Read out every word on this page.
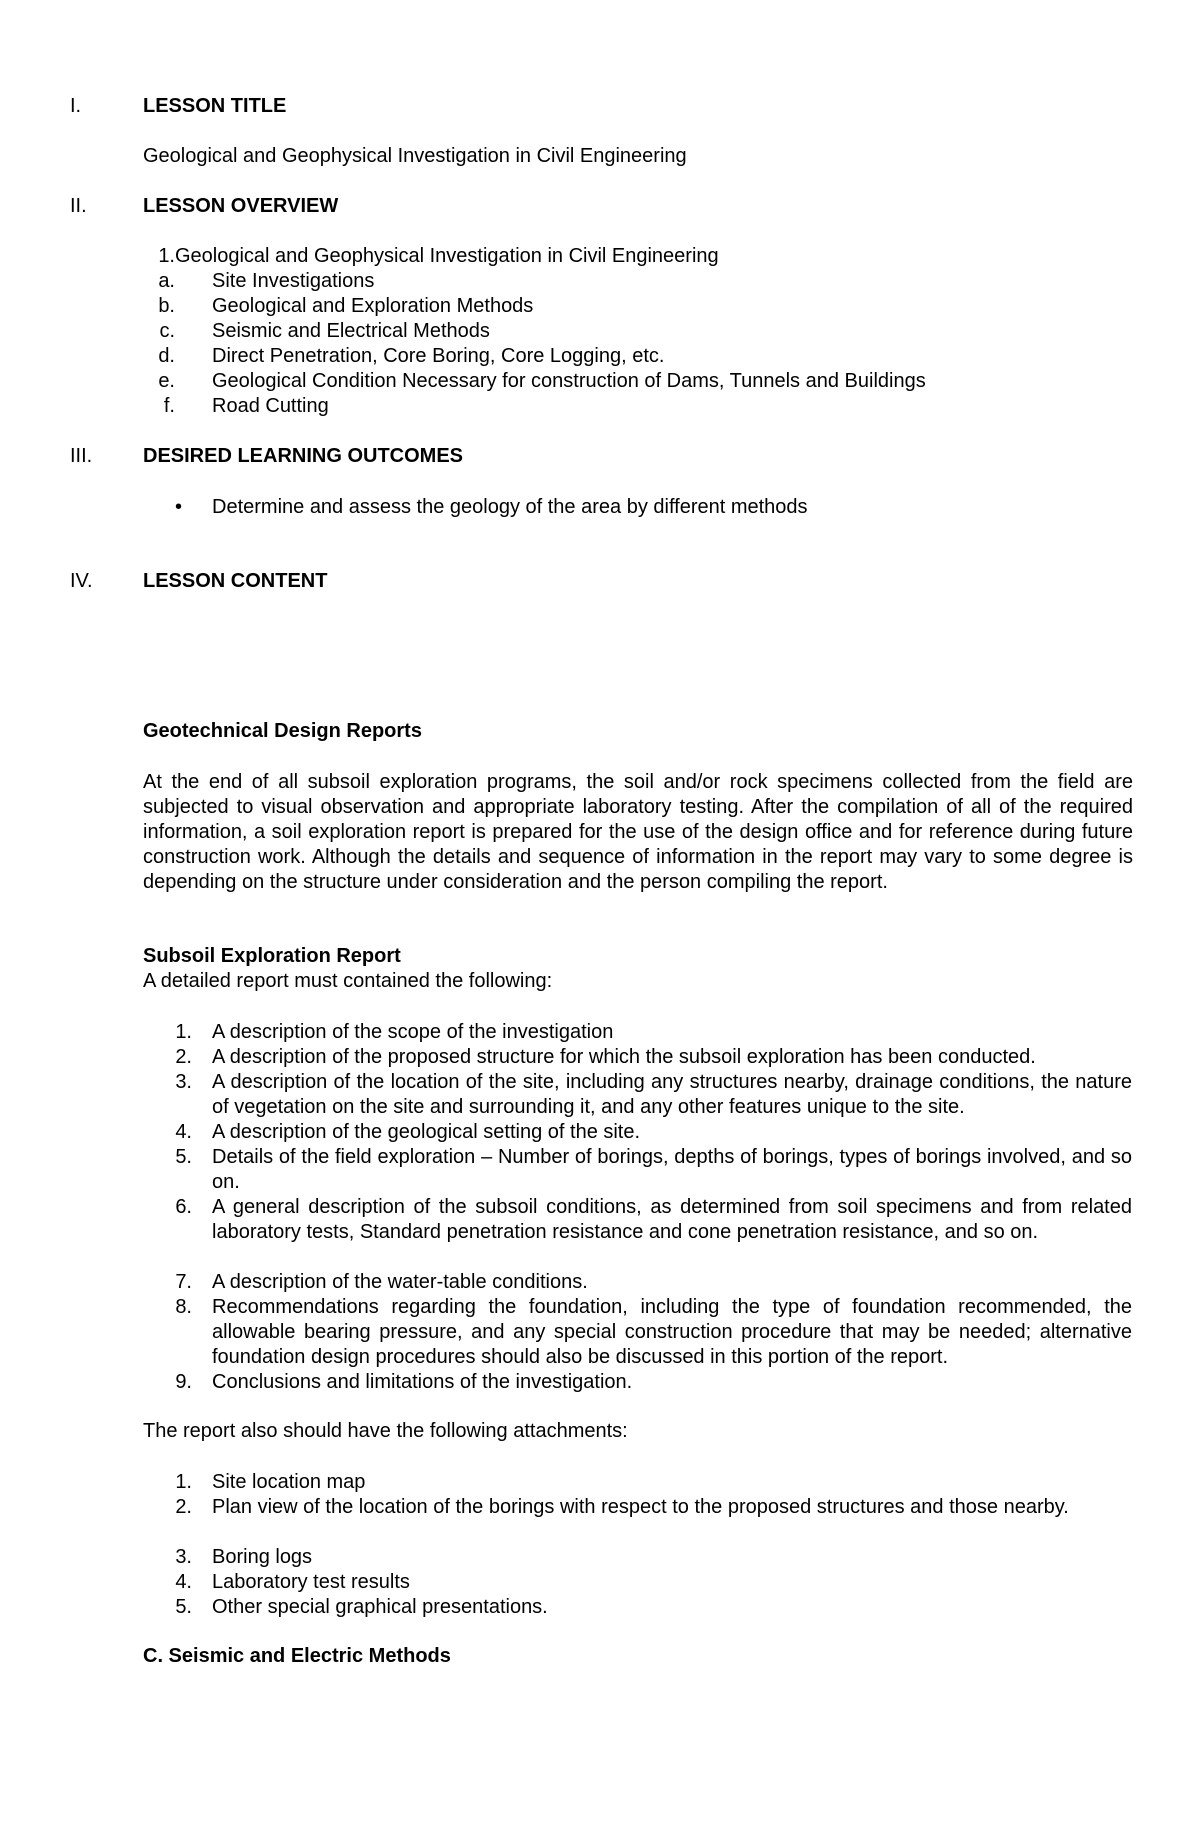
I.	LESSON TITLE
Geological and Geophysical Investigation in Civil Engineering
II.	LESSON OVERVIEW
1. Geological and Geophysical Investigation in Civil Engineering
a. Site Investigations
b. Geological and Exploration Methods
c. Seismic and Electrical Methods
d. Direct Penetration, Core Boring, Core Logging, etc.
e. Geological Condition Necessary for construction of Dams, Tunnels and Buildings
f. Road Cutting
III.	DESIRED LEARNING OUTCOMES
• Determine and assess the geology of the area by different methods
IV.	LESSON CONTENT
Geotechnical Design Reports
At the end of all subsoil exploration programs, the soil and/or rock specimens collected from the field are subjected to visual observation and appropriate laboratory testing. After the compilation of all of the required information, a soil exploration report is prepared for the use of the design office and for reference during future construction work. Although the details and sequence of information in the report may vary to some degree is depending on the structure under consideration and the person compiling the report.
Subsoil Exploration Report
A detailed report must contained the following:
1. A description of the scope of the investigation
2. A description of the proposed structure for which the subsoil exploration has been conducted.
3. A description of the location of the site, including any structures nearby, drainage conditions, the nature of vegetation on the site and surrounding it, and any other features unique to the site.
4. A description of the geological setting of the site.
5. Details of the field exploration – Number of borings, depths of borings, types of borings involved, and so on.
6. A general description of the subsoil conditions, as determined from soil specimens and from related laboratory tests, Standard penetration resistance and cone penetration resistance, and so on.
7. A description of the water-table conditions.
8. Recommendations regarding the foundation, including the type of foundation recommended, the allowable bearing pressure, and any special construction procedure that may be needed; alternative foundation design procedures should also be discussed in this portion of the report.
9. Conclusions and limitations of the investigation.
The report also should have the following attachments:
1. Site location map
2. Plan view of the location of the borings with respect to the proposed structures and those nearby.
3. Boring logs
4. Laboratory test results
5. Other special graphical presentations.
C. Seismic and Electric Methods
